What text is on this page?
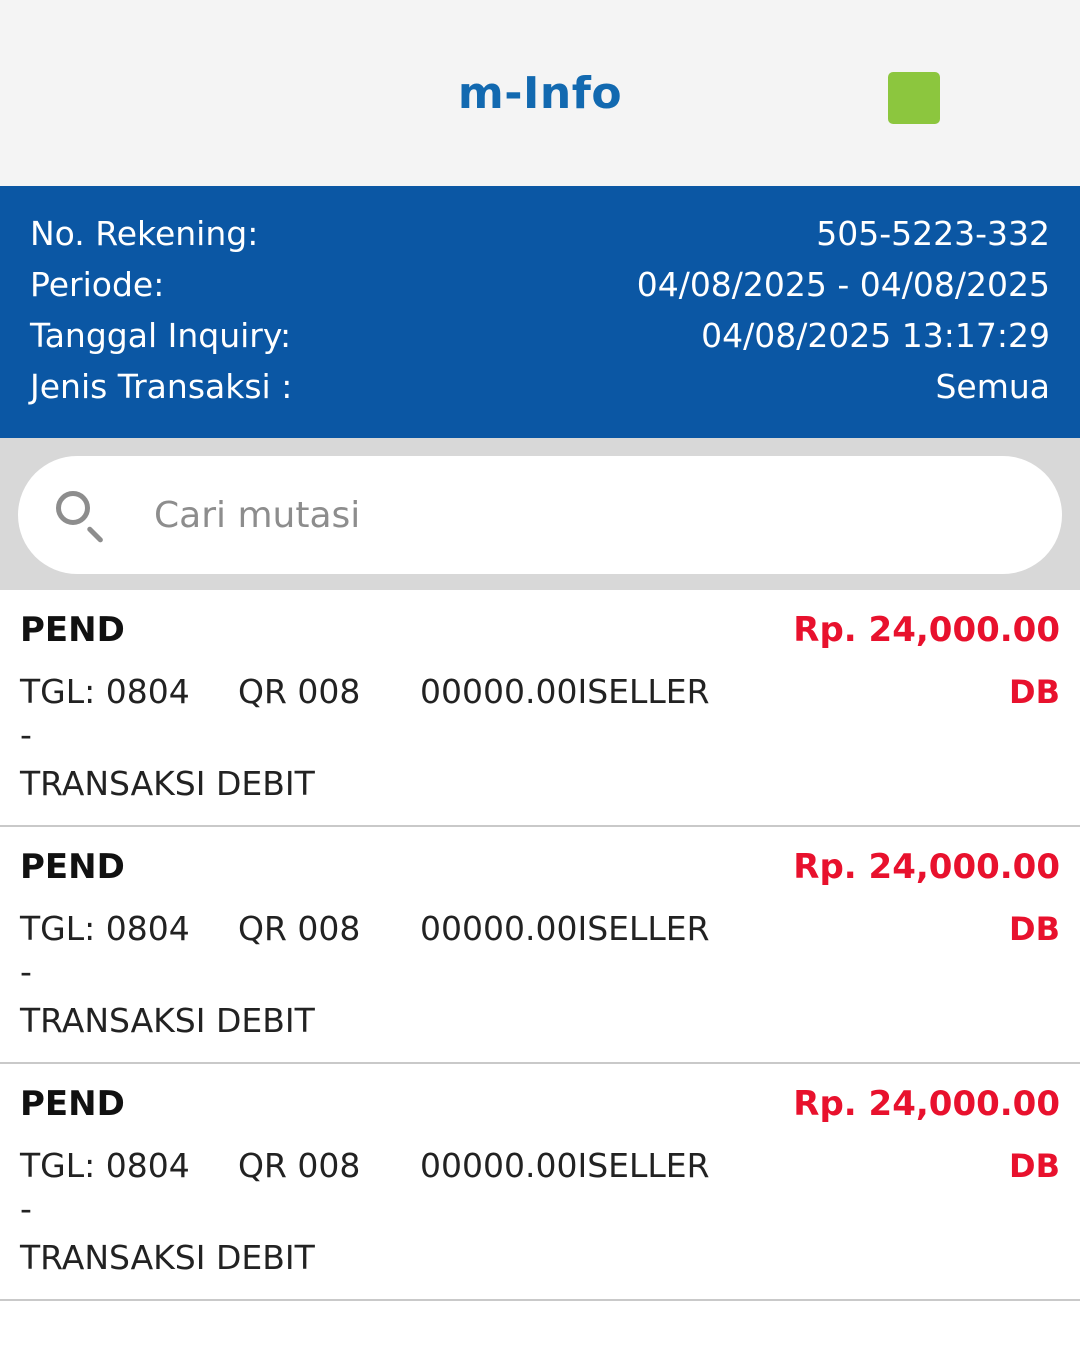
m-Info
No. Rekening:	505-5223-332
Periode:	04/08/2025 - 04/08/2025
Tanggal Inquiry:	04/08/2025 13:17:29
Jenis Transaksi :	Semua
Cari mutasi
PEND	Rp. 24,000.00
TGL: 0804	QR 008	00000.00ISELLER	DB
-
TRANSAKSI DEBIT
PEND	Rp. 24,000.00
TGL: 0804	QR 008	00000.00ISELLER	DB
-
TRANSAKSI DEBIT
PEND	Rp. 24,000.00
TGL: 0804	QR 008	00000.00ISELLER	DB
-
TRANSAKSI DEBIT
